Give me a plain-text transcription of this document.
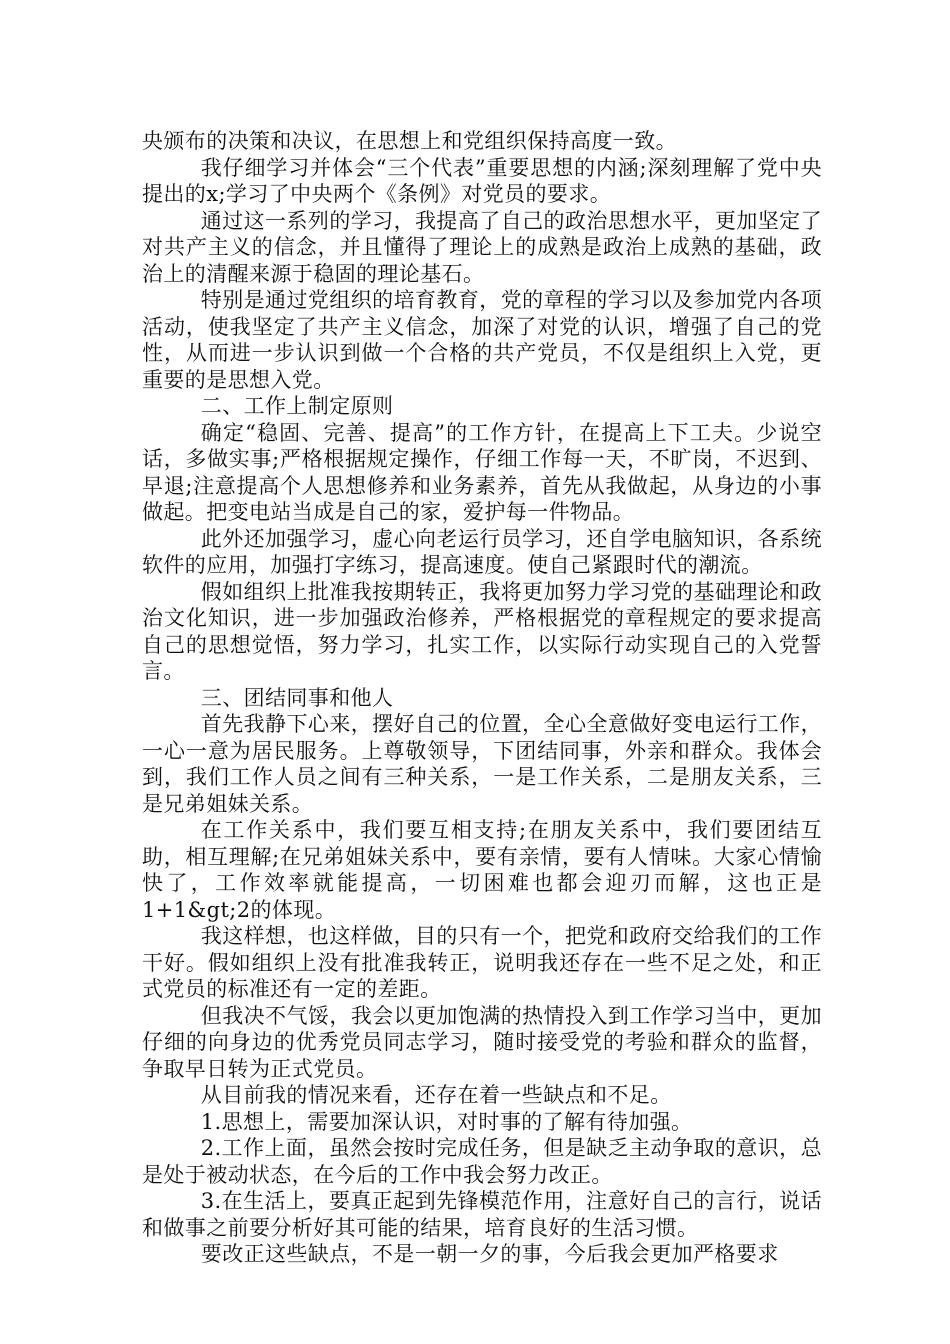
央颁布的决策和决议，在思想上和党组织保持高度一致。

我仔细学习并体会“三个代表”重要思想的内涵;深刻理解了党中央提出的x;学习了中央两个《条例》对党员的要求。

通过这一系列的学习，我提高了自己的政治思想水平，更加坚定了对共产主义的信念，并且懂得了理论上的成熟是政治上成熟的基础，政治上的清醒来源于稳固的理论基石。

特别是通过党组织的培育教育，党的章程的学习以及参加党内各项活动，使我坚定了共产主义信念，加深了对党的认识，增强了自己的党性，从而进一步认识到做一个合格的共产党员，不仅是组织上入党，更重要的是思想入党。

二、工作上制定原则

确定“稳固、完善、提高”的工作方针，在提高上下工夫。少说空话，多做实事;严格根据规定操作，仔细工作每一天，不旷岗，不迟到、早退;注意提高个人思想修养和业务素养，首先从我做起，从身边的小事做起。把变电站当成是自己的家，爱护每一件物品。

此外还加强学习，虚心向老运行员学习，还自学电脑知识，各系统软件的应用，加强打字练习，提高速度。使自己紧跟时代的潮流。

假如组织上批准我按期转正，我将更加努力学习党的基础理论和政治文化知识，进一步加强政治修养，严格根据党的章程规定的要求提高自己的思想觉悟，努力学习，扎实工作，以实际行动实现自己的入党誓言。

三、团结同事和他人

首先我静下心来，摆好自己的位置，全心全意做好变电运行工作，一心一意为居民服务。上尊敬领导，下团结同事，外亲和群众。我体会到，我们工作人员之间有三种关系，一是工作关系，二是朋友关系，三是兄弟姐妹关系。

在工作关系中，我们要互相支持;在朋友关系中，我们要团结互助，相互理解;在兄弟姐妹关系中，要有亲情，要有人情味。大家心情愉快了，工作效率就能提高，一切困难也都会迎刃而解，这也正是1+1&gt;2的体现。

我这样想，也这样做，目的只有一个，把党和政府交给我们的工作干好。假如组织上没有批准我转正，说明我还存在一些不足之处，和正式党员的标准还有一定的差距。

但我决不气馁，我会以更加饱满的热情投入到工作学习当中，更加仔细的向身边的优秀党员同志学习，随时接受党的考验和群众的监督，争取早日转为正式党员。

从目前我的情况来看，还存在着一些缺点和不足。

1.思想上，需要加深认识，对时事的了解有待加强。

2.工作上面，虽然会按时完成任务，但是缺乏主动争取的意识，总是处于被动状态，在今后的工作中我会努力改正。

3.在生活上，要真正起到先锋模范作用，注意好自己的言行，说话和做事之前要分析好其可能的结果，培育良好的生活习惯。

要改正这些缺点，不是一朝一夕的事，今后我会更加严格要求
